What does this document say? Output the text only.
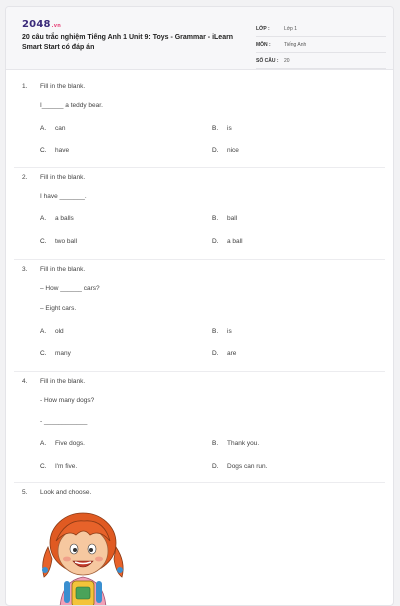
2048.vn
20 câu trắc nghiệm Tiếng Anh 1 Unit 9: Toys - Grammar - iLearn Smart Start có đáp án
LỚP :	Lớp 1
MÔN :	Tiếng Anh
SỐ CÂU :	20
1. Fill in the blank.
I______ a teddy bear.
A. can	B. is
C. have	D. nice
2. Fill in the blank.
I have _______.
A. a balls	B. ball
C. two ball	D. a ball
3. Fill in the blank.
– How ______ cars?
– Eight cars.
A. old	B. is
C. many	D. are
4. Fill in the blank.
- How many dogs?
- ____________
A. Five dogs.	B. Thank you.
C. I'm five.	D. Dogs can run.
5. Look and choose.
